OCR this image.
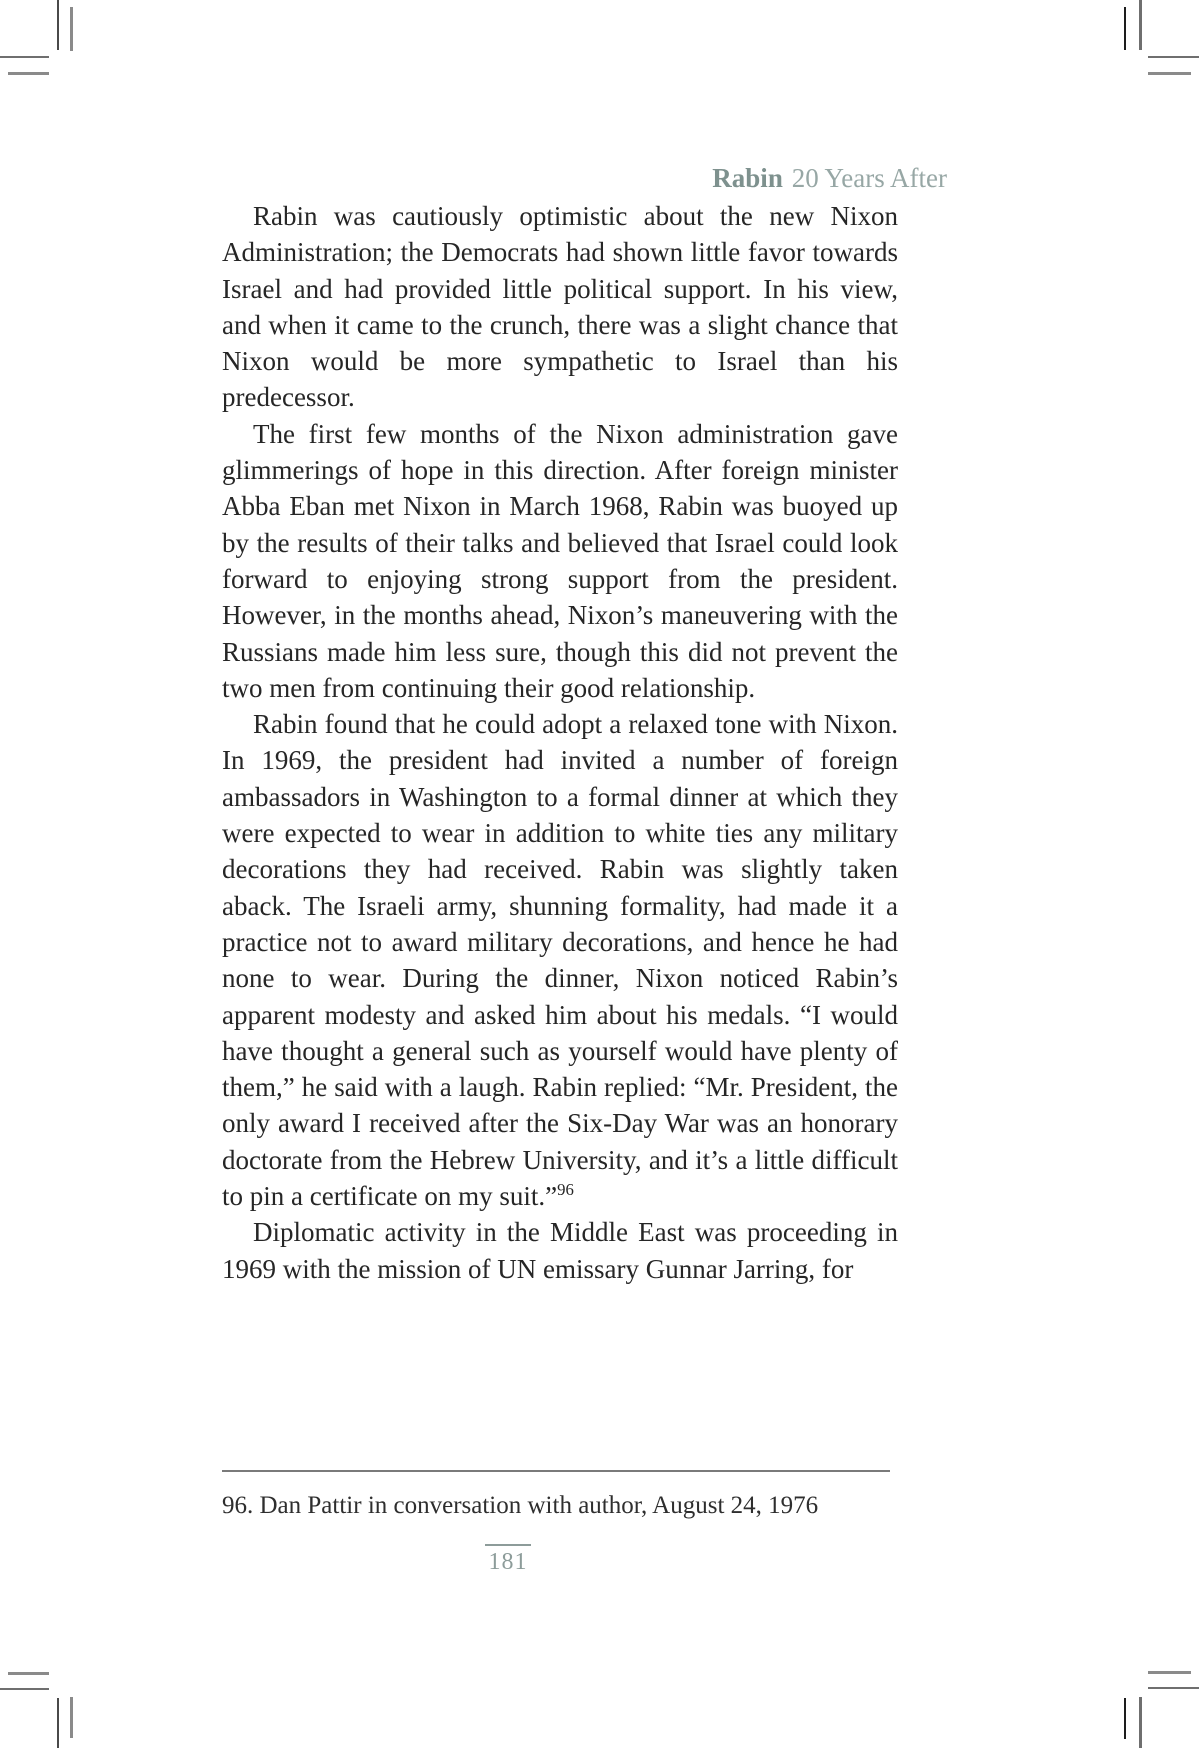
Rabin 20 Years After

Rabin was cautiously optimistic about the new Nixon Administration; the Democrats had shown little favor towards Israel and had provided little political support. In his view, and when it came to the crunch, there was a slight chance that Nixon would be more sympathetic to Israel than his predecessor.

The first few months of the Nixon administration gave glimmerings of hope in this direction. After foreign minister Abba Eban met Nixon in March 1968, Rabin was buoyed up by the results of their talks and believed that Israel could look forward to enjoying strong support from the president. However, in the months ahead, Nixon’s maneuvering with the Russians made him less sure, though this did not prevent the two men from continuing their good relationship.

Rabin found that he could adopt a relaxed tone with Nixon. In 1969, the president had invited a number of foreign ambassadors in Washington to a formal dinner at which they were expected to wear in addition to white ties any military decorations they had received. Rabin was slightly taken aback. The Israeli army, shunning formality, had made it a practice not to award military decorations, and hence he had none to wear. During the dinner, Nixon noticed Rabin’s apparent modesty and asked him about his medals. “I would have thought a general such as yourself would have plenty of them,” he said with a laugh. Rabin replied: “Mr. President, the only award I received after the Six-Day War was an honorary doctorate from the Hebrew University, and it’s a little difficult to pin a certificate on my suit.”$^{96}$

Diplomatic activity in the Middle East was proceeding in 1969 with the mission of UN emissary Gunnar Jarring, for

96. Dan Pattir in conversation with author, August 24, 1976
181
